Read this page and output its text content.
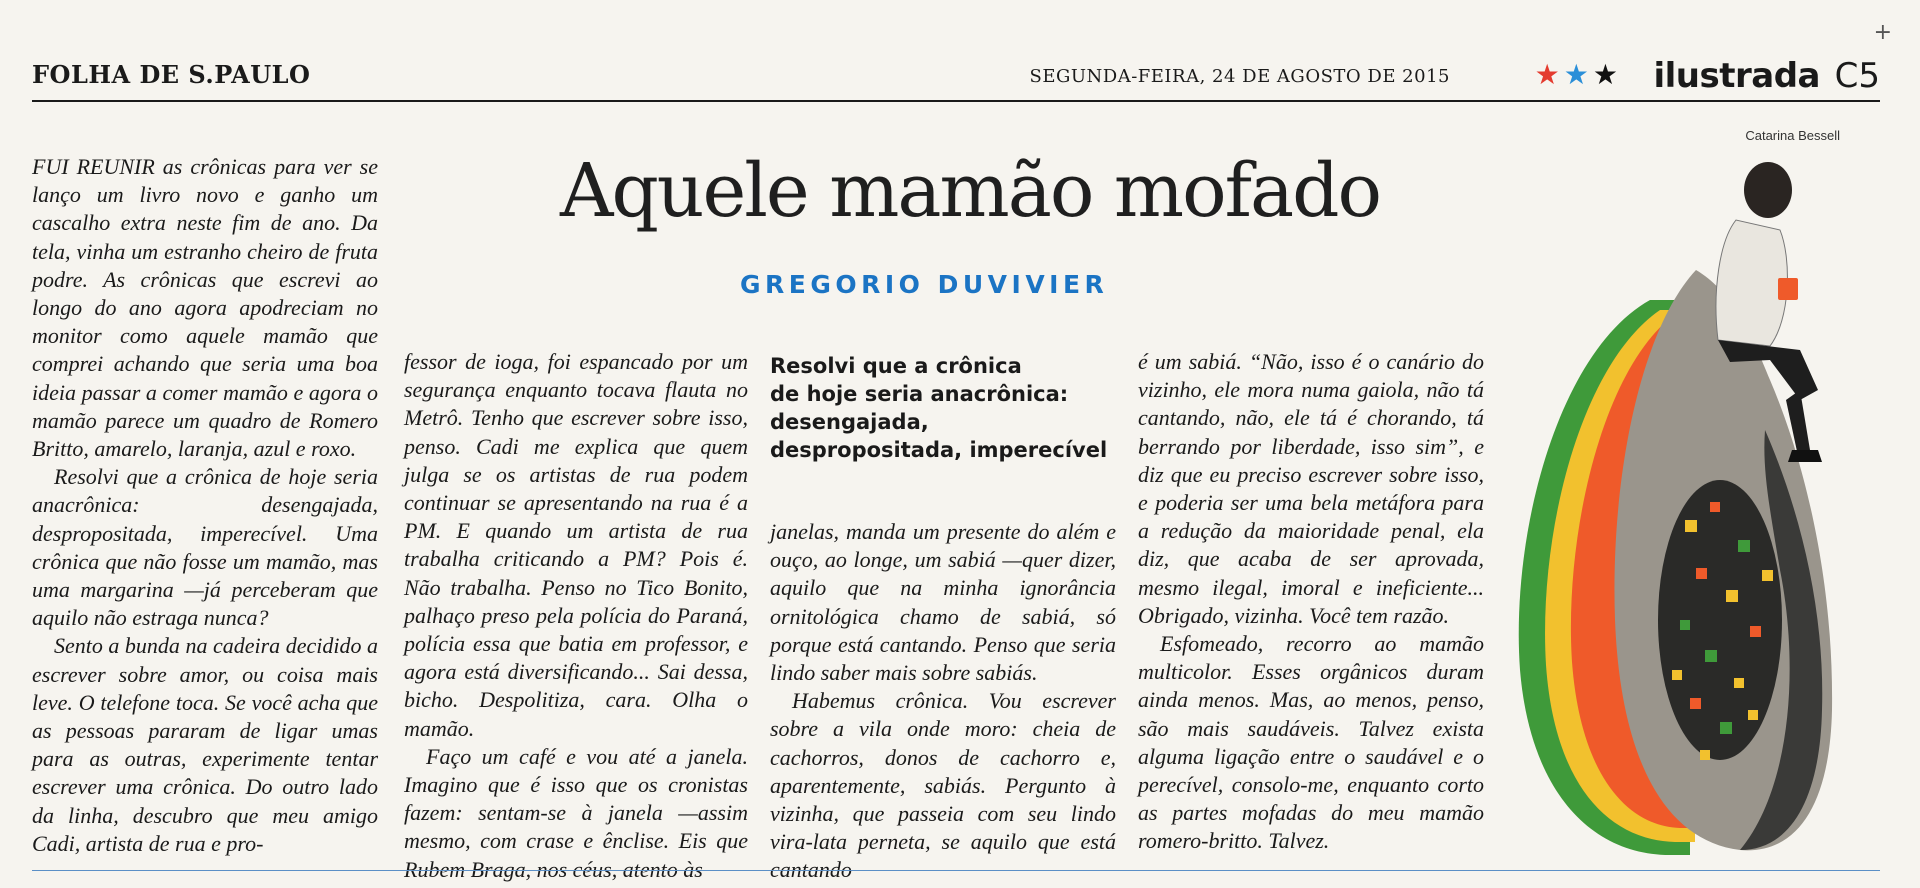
FOLHA DE S.PAULO	SEGUNDA-FEIRA, 24 DE AGOSTO DE 2015	★★★ ilustrada C5
+
Catarina Bessell
Aquele mamão mofado
GREGORIO DUVIVIER

FUI REUNIR as crônicas para ver se lanço um livro novo e ganho um cascalho extra neste fim de ano. Da tela, vinha um estranho cheiro de fruta podre. As crônicas que escrevi ao longo do ano agora apodreciam no monitor como aquele mamão que comprei achando que seria uma boa ideia passar a comer mamão e agora o mamão parece um quadro de Romero Britto, amarelo, laranja, azul e roxo.

Resolvi que a crônica de hoje seria anacrônica: desengajada, despropositada, imperecível. Uma crônica que não fosse um mamão, mas uma margarina —já perceberam que aquilo não estraga nunca?

Sento a bunda na cadeira decidido a escrever sobre amor, ou coisa mais leve. O telefone toca. Se você acha que as pessoas pararam de ligar umas para as outras, experimente tentar escrever uma crônica. Do outro lado da linha, descubro que meu amigo Cadi, artista de rua e pro-

fessor de ioga, foi espancado por um segurança enquanto tocava flauta no Metrô. Tenho que escrever sobre isso, penso. Cadi me explica que quem julga se os artistas de rua podem continuar se apresentando na rua é a PM. E quando um artista de rua trabalha criticando a PM? Pois é. Não trabalha. Penso no Tico Bonito, palhaço preso pela polícia do Paraná, polícia essa que batia em professor, e agora está diversificando... Sai dessa, bicho. Despolitiza, cara. Olha o mamão.

Faço um café e vou até a janela. Imagino que é isso que os cronistas fazem: sentam-se à janela —assim mesmo, com crase e ênclise. Eis que Rubem Braga, nos céus, atento às

Resolvi que a crônica
de hoje seria anacrônica:
desengajada,
despropositada, imperecível

janelas, manda um presente do além e ouço, ao longe, um sabiá —quer dizer, aquilo que na minha ignorância ornitológica chamo de sabiá, só porque está cantando. Penso que seria lindo saber mais sobre sabiás.

Habemus crônica. Vou escrever sobre a vila onde moro: cheia de cachorros, donos de cachorro e, aparentemente, sabiás. Pergunto à vizinha, que passeia com seu lindo vira-lata perneta, se aquilo que está cantando

é um sabiá. “Não, isso é o canário do vizinho, ele mora numa gaiola, não tá cantando, não, ele tá é chorando, tá berrando por liberdade, isso sim”, e diz que eu preciso escrever sobre isso, e poderia ser uma bela metáfora para a redução da maioridade penal, ela diz, que acaba de ser aprovada, mesmo ilegal, imoral e ineficiente... Obrigado, vizinha. Você tem razão.

Esfomeado, recorro ao mamão multicolor. Esses orgânicos duram ainda menos. Mas, ao menos, penso, são mais saudáveis. Talvez exista alguma ligação entre o saudável e o perecível, consolo-me, enquanto corto as partes mofadas do meu mamão romero-britto. Talvez.
